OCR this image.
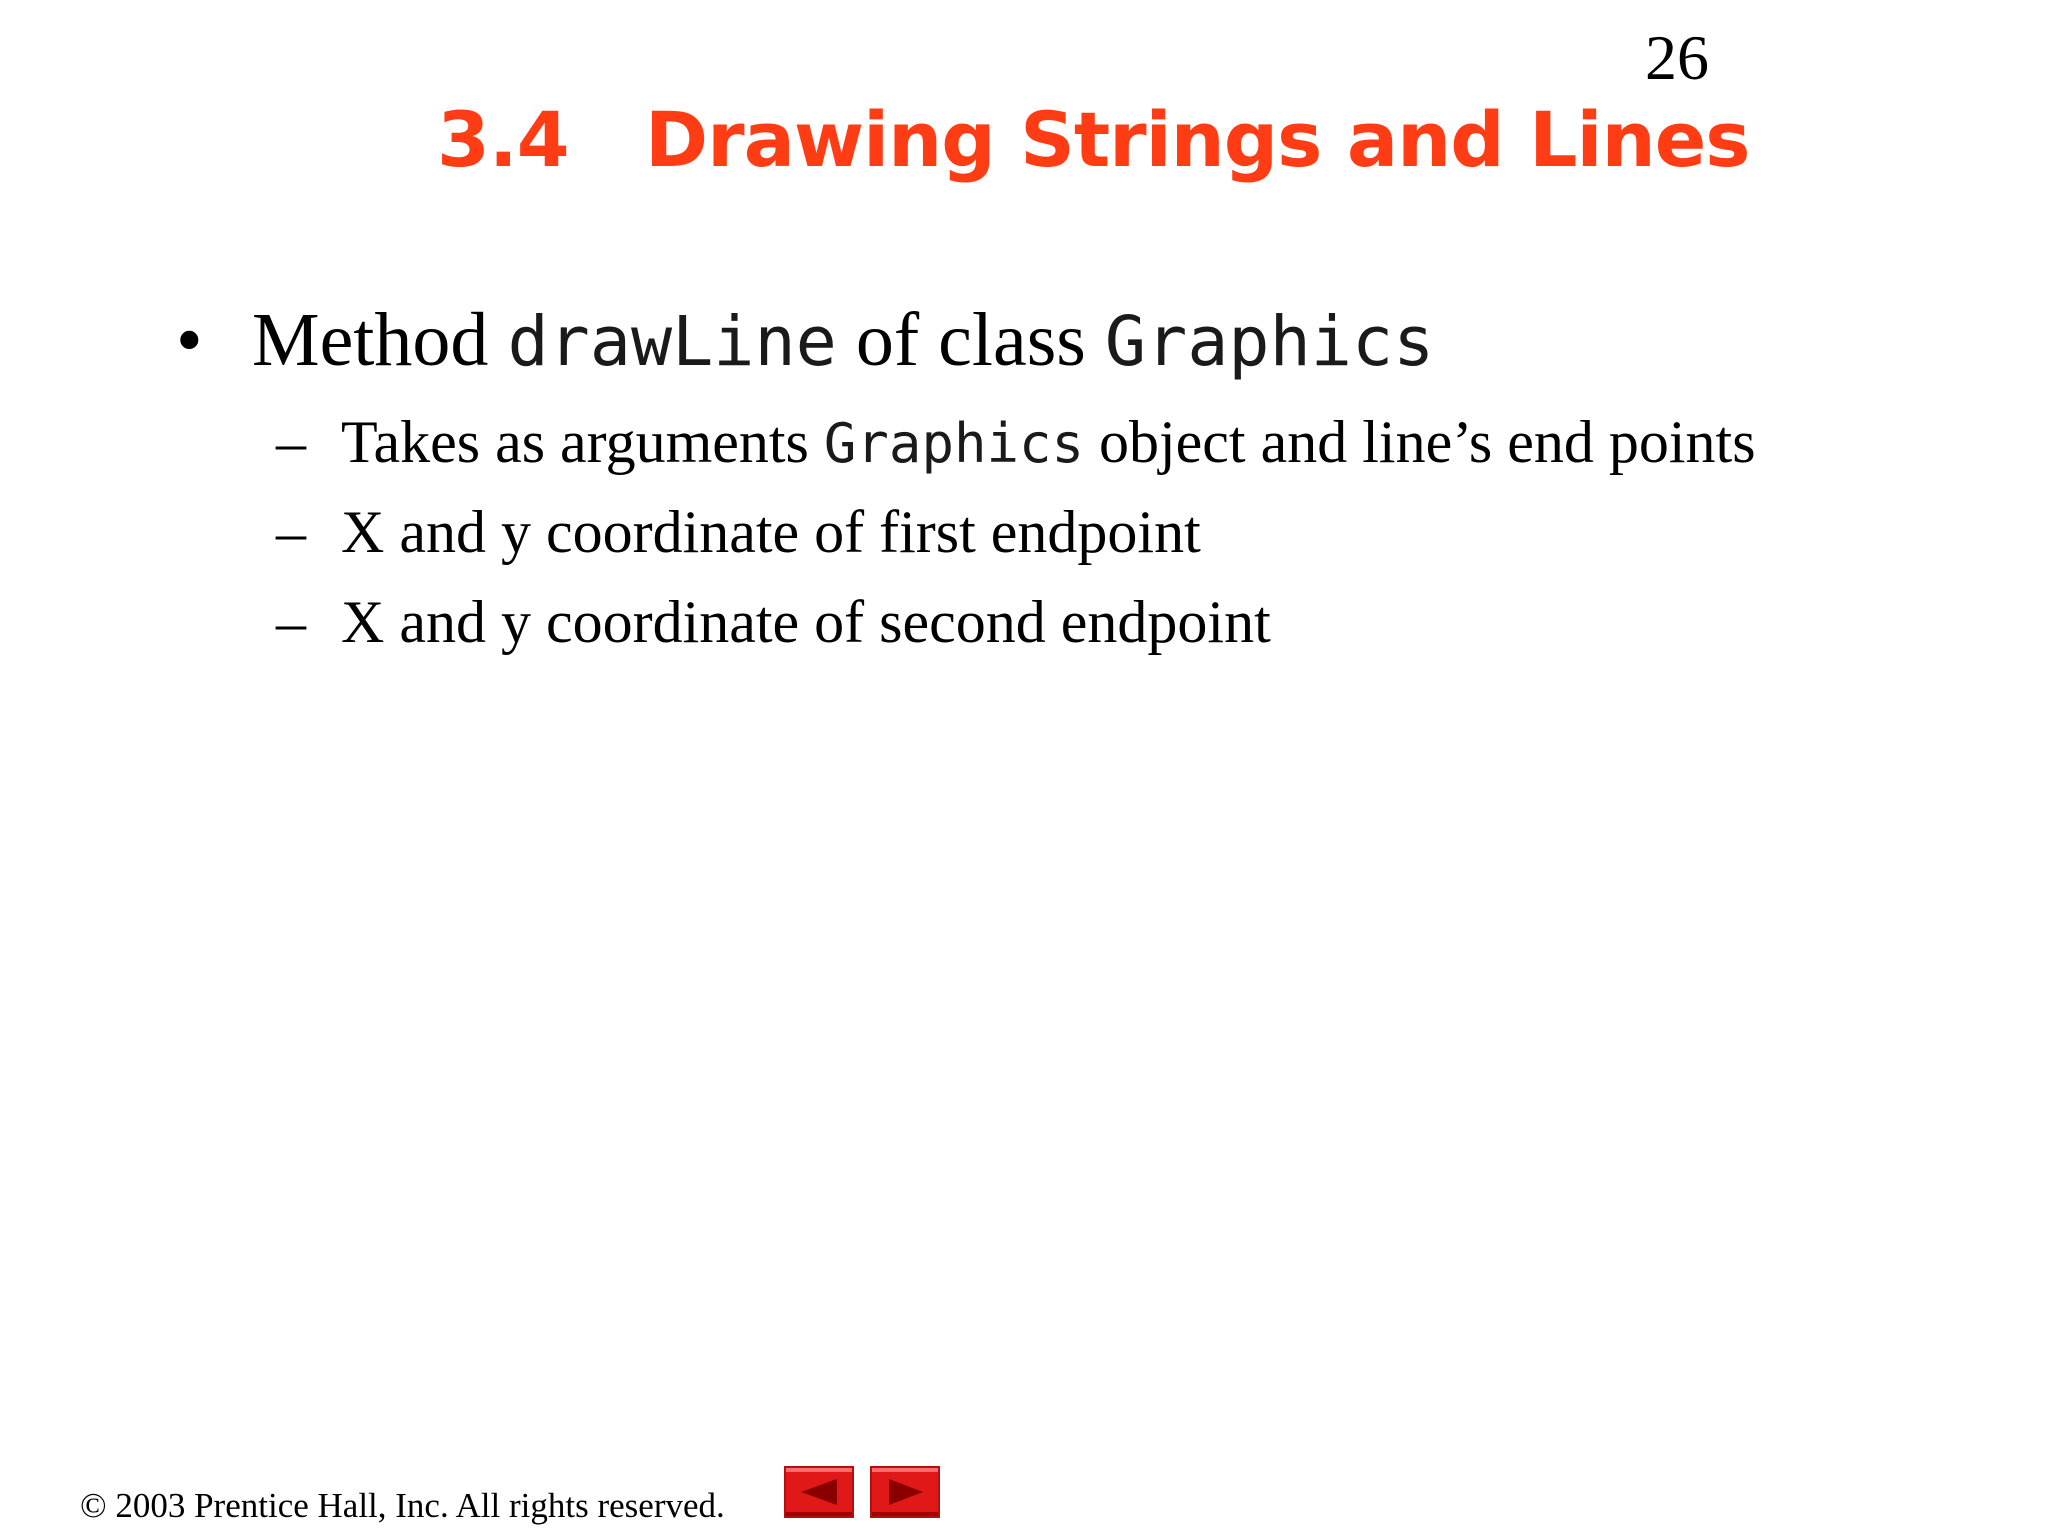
26
3.4 Drawing Strings and Lines
• Method drawLine of class Graphics
– Takes as arguments Graphics object and line’s end points
– X and y coordinate of first endpoint
– X and y coordinate of second endpoint
© 2003 Prentice Hall, Inc. All rights reserved.
